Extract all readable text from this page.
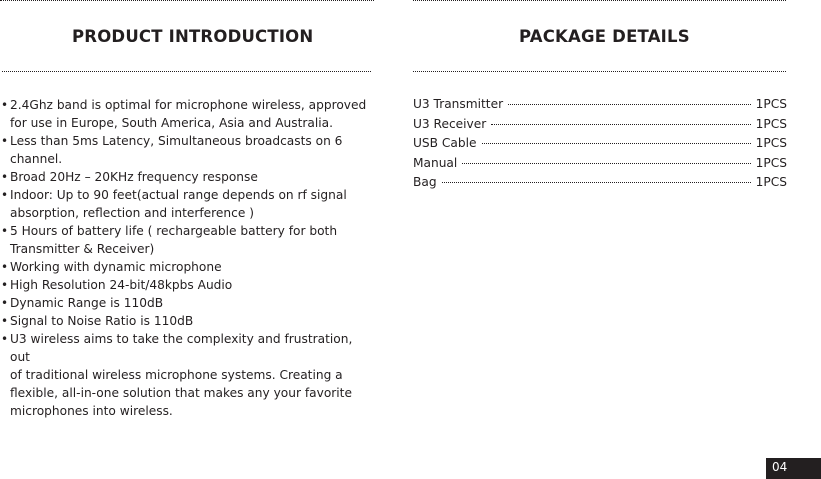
PRODUCT INTRODUCTION	PACKAGE DETAILS
• 2.4Ghz band is optimal for microphone wireless, approved
for use in Europe, South America, Asia and Australia.
• Less than 5ms Latency, Simultaneous broadcasts on 6
channel.
• Broad 20Hz – 20KHz frequency response
• Indoor: Up to 90 feet(actual range depends on rf signal
absorption, reflection and interference )
• 5 Hours of battery life ( rechargeable battery for both
Transmitter & Receiver)
• Working with dynamic microphone
• High Resolution 24-bit/48kpbs Audio
• Dynamic Range is 110dB
• Signal to Noise Ratio is 110dB
• U3 wireless aims to take the complexity and frustration, out
of traditional wireless microphone systems. Creating a
flexible, all-in-one solution that makes any your favorite
microphones into wireless.
U3 Transmitter	1PCS
U3 Receiver	1PCS
USB Cable	1PCS
Manual	1PCS
Bag	1PCS
04
